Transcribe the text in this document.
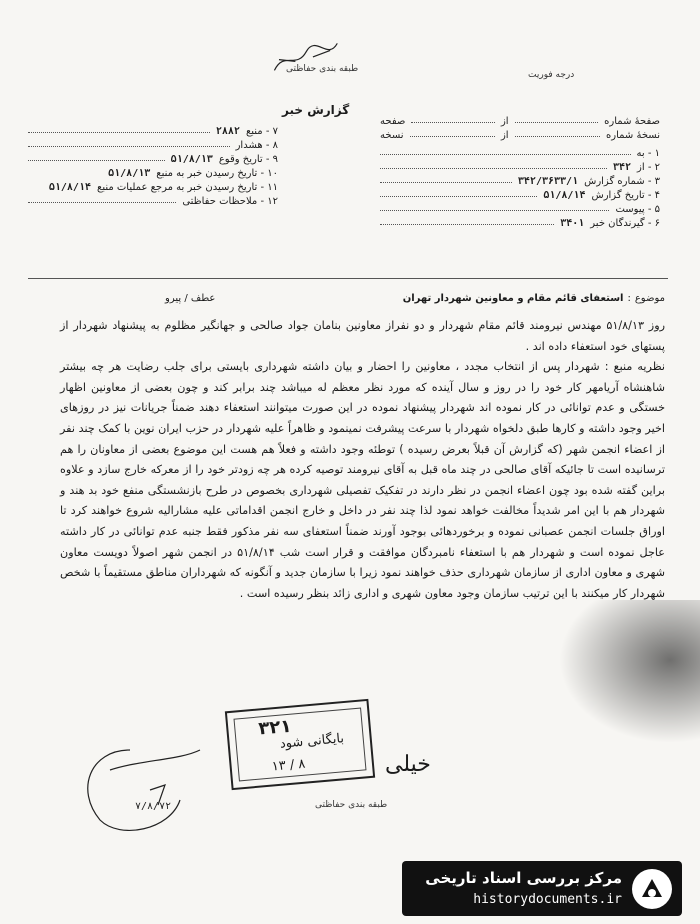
طبقه بندی حفاظتی
درجه فوریت
گزارش خبر
صفحۀ شماره
از
صفحه
نسخۀ شماره
از
نسخه
۱ - به
۲ - از
۳۴۲
۳ - شماره گزارش
۳۴۲/۳۶۳۳/۱
۴ - تاریخ گزارش
۵۱/۸/۱۴
۵ - پیوست
۶ - گیرندگان خبر
۳۴۰۱
۷ - منبع
۲۸۸۲
۸ - هشدار
۹ - تاریخ وقوع
۵۱/۸/۱۳
۱۰ - تاریخ رسیدن خبر به منبع
۵۱/۸/۱۳
۱۱ - تاریخ رسیدن خبر به مرجع عملیات منبع
۵۱/۸/۱۴
۱۲ - ملاحظات حفاظتی
موضوع
:
استعفای قائم مقام و معاونین شهردار تهران
عطف / پیرو

روز ۵۱/۸/۱۳ مهندس نیرومند قائم مقام شهردار و دو نفراز معاونین بنامان جواد صالحی و جهانگیر مظلوم به پیشنهاد شهردار از پستهای خود استعفاء داده اند .

نظریه منبع : شهردار پس از انتخاب مجدد ، معاونین را احضار و بیان داشته شهرداری بایستی برای جلب رضایت هر چه بیشتر شاهنشاه آریامهر کار خود را در روز و سال آینده که مورد نظر معظم له میباشد چند برابر کند و چون بعضی از معاونین اظهار خستگی و عدم توانائی در کار نموده اند شهردار پیشنهاد نموده در این صورت میتوانند استعفاء دهند ضمناً جریانات نیز در روزهای اخیر وجود داشته و کارها طبق دلخواه شهردار با سرعت پیشرفت نمینمود و ظاهراً علیه شهردار در حزب ایران نوین با کمک چند نفر از اعضاء انجمن شهر (که گزارش آن قبلاً بعرض رسیده ) توطئه وجود داشته و فعلاً هم هست این موضوع بعضی از معاونان را هم ترسانیده است تا جائیکه آقای صالحی در چند ماه قبل به آقای نیرومند توصیه کرده هر چه زودتر خود را از معرکه خارج سازد و علاوه براین گفته شده بود چون اعضاء انجمن در نظر دارند در تفکیک تفصیلی شهرداری بخصوص در طرح بازنشستگی منفع خود بد هند و شهردار هم با این امر شدیداً مخالفت خواهد نمود لذا چند نفر در داخل و خارج انجمن اقداماتی علیه مشارالیه شروع خواهند کرد تا اوراق جلسات انجمن عصبانی نموده و برخوردهائی بوجود آورند ضمناً استعفای سه نفر مذکور فقط جنبه عدم توانائی در کار داشته عاجل نموده است و شهردار هم با استعفاء نامبردگان موافقت و قرار است شب ۵۱/۸/۱۴ در انجمن شهر اصولاً دویست معاون شهری و معاون اداری از سازمان شهرداری حذف خواهند نمود زیرا با سازمان جدید و آنگونه که شهرداران مناطق مستقیماً با شخص شهردار کار میکنند با این ترتیب سازمان وجود معاون شهری و اداری زائد بنظر رسیده است .

۷/۸/۷۲
۳۲۱
بایگانی شود
۱۳ / ۸	خیلی
طبقه بندی حفاظتی
مرکز بررسی اسناد تاریخی
historydocuments.ir
